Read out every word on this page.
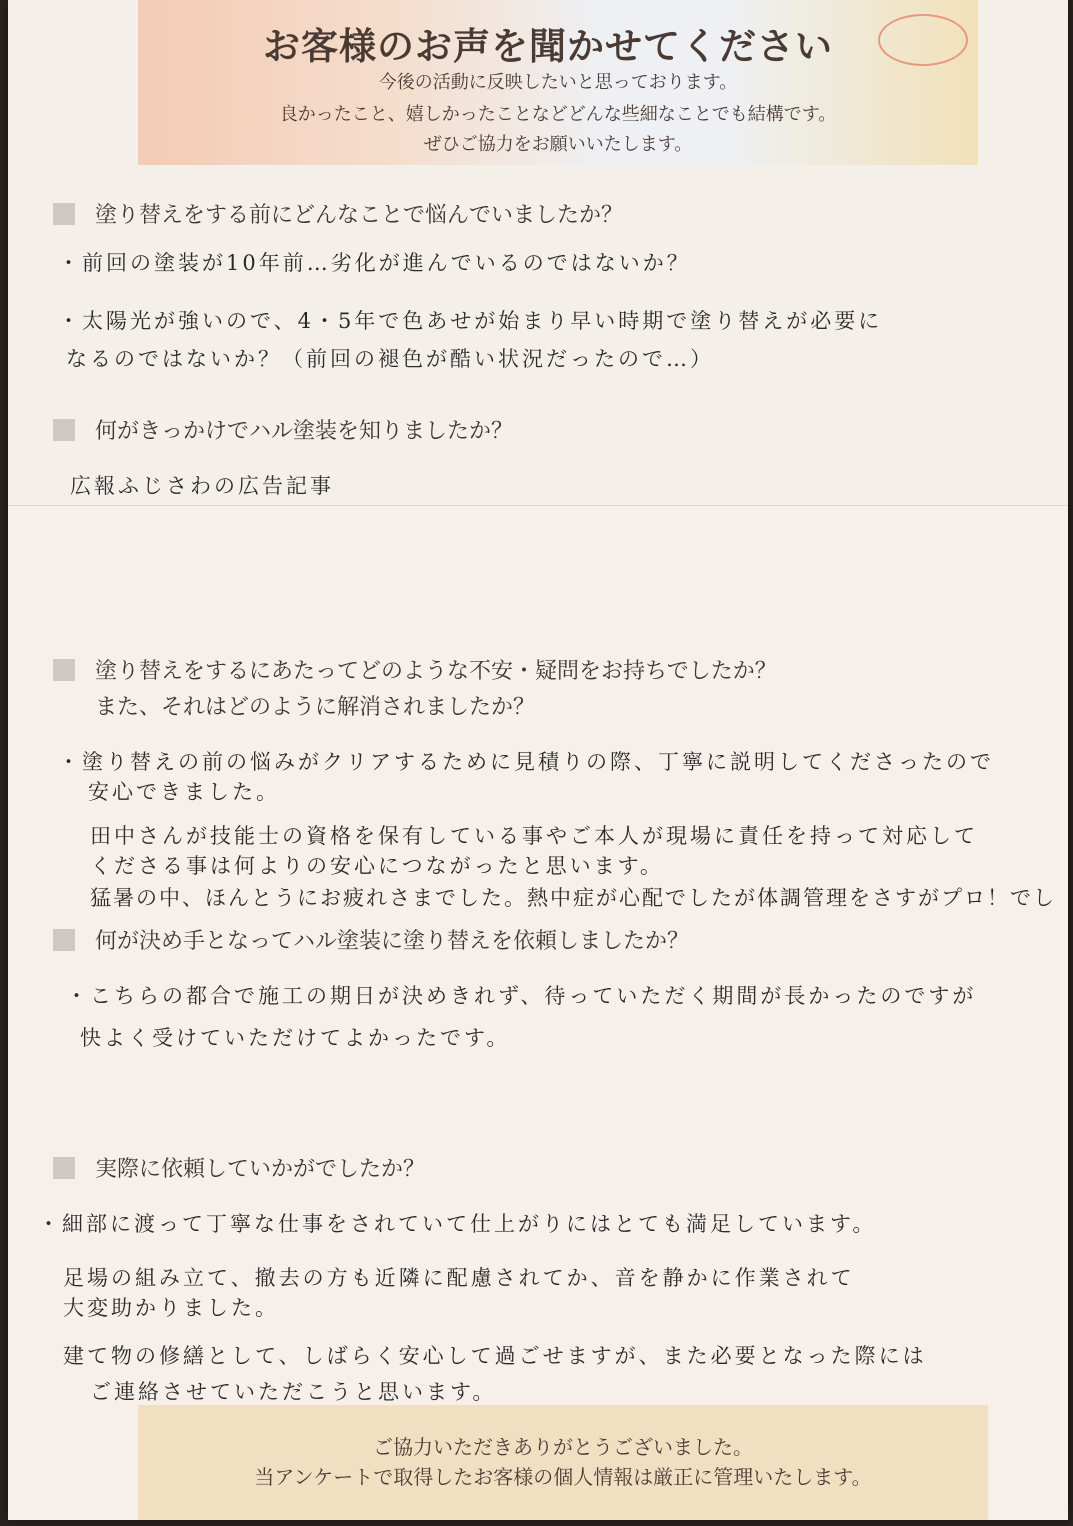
お客様のお声を聞かせてください
今後の活動に反映したいと思っております。
良かったこと、嬉しかったことなどどんな些細なことでも結構です。
ぜひご協力をお願いいたします。
塗り替えをする前にどんなことで悩んでいましたか？
・前回の塗装が10年前…劣化が進んでいるのではないか？
・太陽光が強いので、4・5年で色あせが始まり早い時期で塗り替えが必要に
なるのではないか？（前回の褪色が酷い状況だったので…）
何がきっかけでハル塗装を知りましたか？
広報ふじさわの広告記事
塗り替えをするにあたってどのような不安・疑問をお持ちでしたか？
また、それはどのように解消されましたか？
・塗り替えの前の悩みがクリアするために見積りの際、丁寧に説明してくださったので
安心できました。
田中さんが技能士の資格を保有している事やご本人が現場に責任を持って対応して
くださる事は何よりの安心につながったと思います。
猛暑の中、ほんとうにお疲れさまでした。熱中症が心配でしたが体調管理をさすがプロ！でし
何が決め手となってハル塗装に塗り替えを依頼しましたか？
・こちらの都合で施工の期日が決めきれず、待っていただく期間が長かったのですが
快よく受けていただけてよかったです。
実際に依頼していかがでしたか？
・細部に渡って丁寧な仕事をされていて仕上がりにはとても満足しています。
足場の組み立て、撤去の方も近隣に配慮されてか、音を静かに作業されて
大変助かりました。
建て物の修繕として、しばらく安心して過ごせますが、また必要となった際には
ご連絡させていただこうと思います。
ご協力いただきありがとうございました。
当アンケートで取得したお客様の個人情報は厳正に管理いたします。
